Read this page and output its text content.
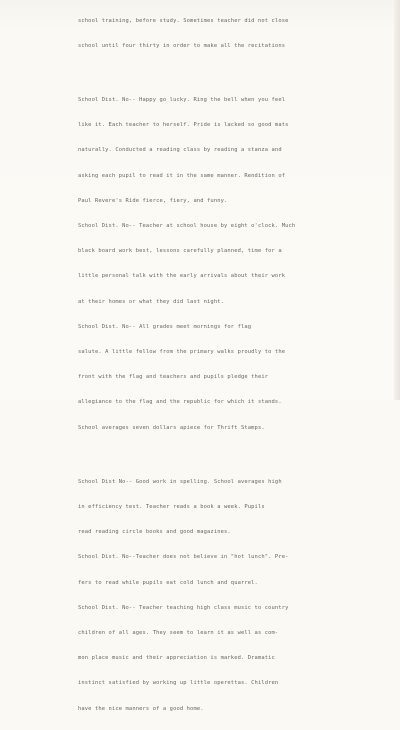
school training, before study. Sometimes teacher did not close

school until four thirty in order to make all the recitations

School Dist. No-- Happy go lucky. Ring the bell when you feel

like it. Each teacher to herself. Pride is lacked so good mats

naturally. Conducted a reading class by reading a stanza and

asking each pupil to read it in the same manner. Rendition of

Paul Revere's Ride fierce, fiery, and funny.

School Dist. No-- Teacher at school house by eight o'clock. Much

black board work best, lessons carefully planned, time for a

little personal talk with the early arrivals about their work

at their homes or what they did last night.

School Dist. No-- All grades meet mornings for flag

salute. A little fellow from the primary walks proudly to the

front with the flag and teachers and pupils pledge their

allegiance to the flag and the republic for which it stands.

School averages seven dollars apiece for Thrift Stamps.

School Dist No-- Good work in spelling. School averages high

in efficiency test. Teacher reads a book a week. Pupils

read reading circle books and good magazines.

School Dist. No--Teacher does not believe in "hot lunch". Pre-

fers to read while pupils eat cold lunch and quarrel.

School Dist. No-- Teacher teaching high class music to country

children of all ages. They seem to learn it as well as com-

mon place music and their appreciation is marked. Dramatic

instinct satisfied by working up little operettas. Children

have the nice manners of a good home.
